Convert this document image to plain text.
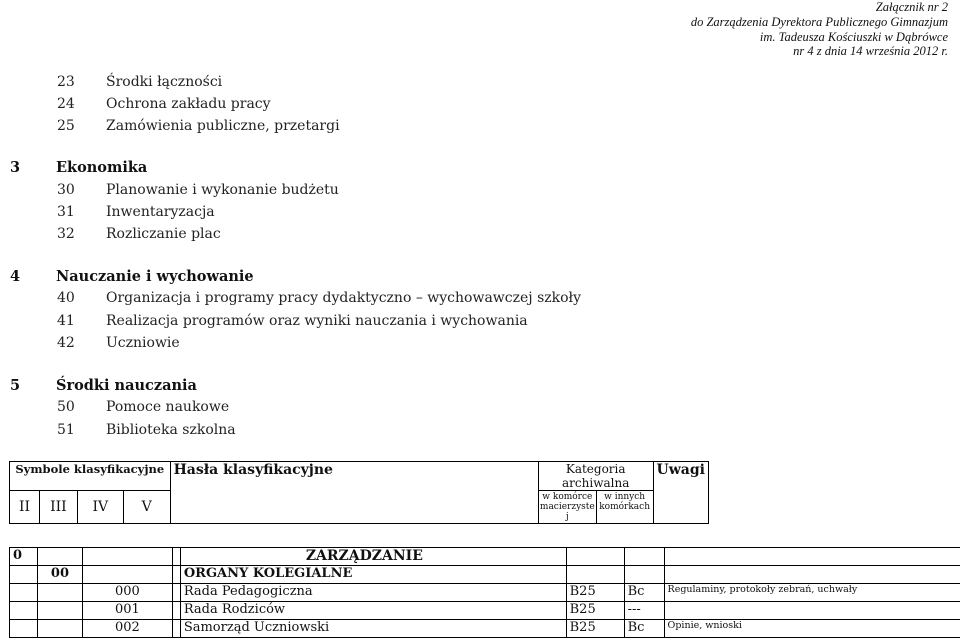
Załącznik nr 2
do Zarządzenia Dyrektora Publicznego Gimnazjum
im. Tadeusza Kościuszki w Dąbrówce
nr 4 z dnia 14 września 2012 r.
23 Środki łączności
24 Ochrona zakładu pracy
25 Zamówienia publiczne, przetargi
3 Ekonomika
30 Planowanie i wykonanie budżetu
31 Inwentaryzacja
32 Rozliczanie plac
4 Nauczanie i wychowanie
40 Organizacja i programy pracy dydaktyczno – wychowawczej szkoły
41 Realizacja programów oraz wyniki nauczania i wychowania
42 Uczniowie
5 Środki nauczania
50 Pomoce naukowe
51 Biblioteka szkolna
Symbole klasyfikacyjne				Hasła klasyfikacyjne	Kategoria archiwalna		Uwagi
II	III	IV	V		w komórce macierzyste j	w innych komórkach	
0				ZARZĄDZANIE			
	00			ORGANY KOLEGIALNE			
		000		Rada Pedagogiczna	B25	Bc	Regulaminy, protokoły zebrań, uchwały
		001		Rada Rodziców	B25	---	
		002		Samorząd Uczniowski	B25	Bc	Opinie, wnioski
